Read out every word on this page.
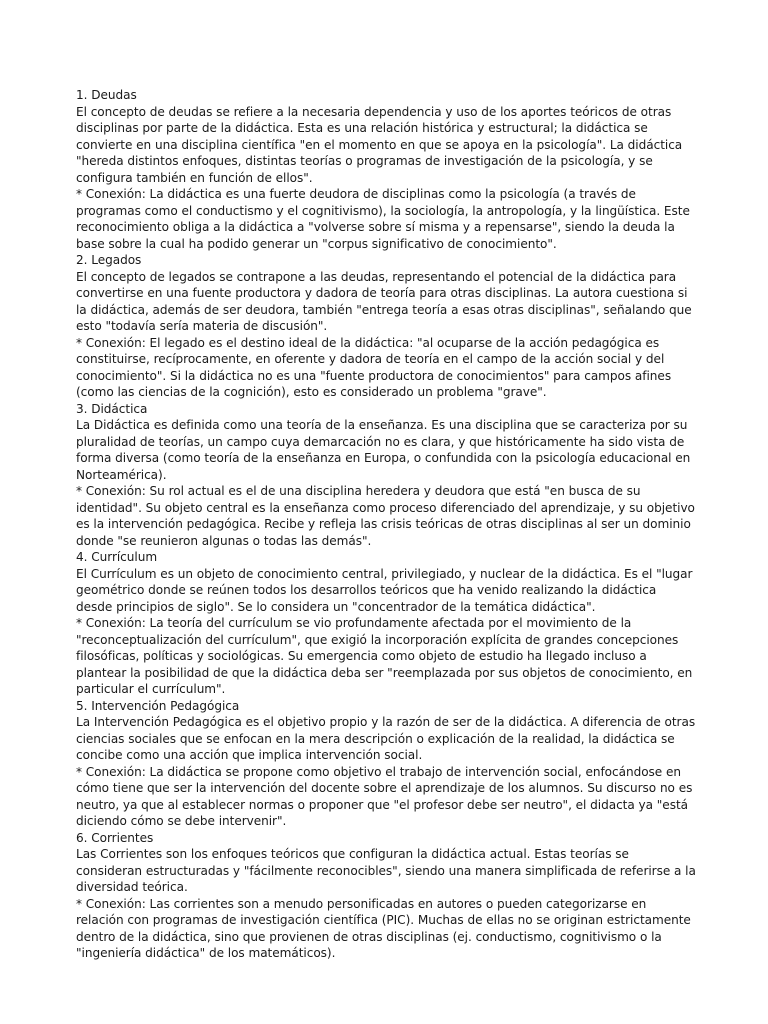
1. Deudas

El concepto de deudas se refiere a la necesaria dependencia y uso de los aportes teóricos de otras disciplinas por parte de la didáctica. Esta es una relación histórica y estructural; la didáctica se convierte en una disciplina científica "en el momento en que se apoya en la psicología". La didáctica "hereda distintos enfoques, distintas teorías o programas de investigación de la psicología, y se configura también en función de ellos".

* Conexión: La didáctica es una fuerte deudora de disciplinas como la psicología (a través de programas como el conductismo y el cognitivismo), la sociología, la antropología, y la lingüística. Este reconocimiento obliga a la didáctica a "volverse sobre sí misma y a repensarse", siendo la deuda la base sobre la cual ha podido generar un "corpus significativo de conocimiento".

2. Legados

El concepto de legados se contrapone a las deudas, representando el potencial de la didáctica para convertirse en una fuente productora y dadora de teoría para otras disciplinas. La autora cuestiona si la didáctica, además de ser deudora, también "entrega teoría a esas otras disciplinas", señalando que esto "todavía sería materia de discusión".

* Conexión: El legado es el destino ideal de la didáctica: "al ocuparse de la acción pedagógica es constituirse, recíprocamente, en oferente y dadora de teoría en el campo de la acción social y del conocimiento". Si la didáctica no es una "fuente productora de conocimientos" para campos afines (como las ciencias de la cognición), esto es considerado un problema "grave".

3. Didáctica

La Didáctica es definida como una teoría de la enseñanza. Es una disciplina que se caracteriza por su pluralidad de teorías, un campo cuya demarcación no es clara, y que históricamente ha sido vista de forma diversa (como teoría de la enseñanza en Europa, o confundida con la psicología educacional en Norteamérica).

* Conexión: Su rol actual es el de una disciplina heredera y deudora que está "en busca de su identidad". Su objeto central es la enseñanza como proceso diferenciado del aprendizaje, y su objetivo es la intervención pedagógica. Recibe y refleja las crisis teóricas de otras disciplinas al ser un dominio donde "se reunieron algunas o todas las demás".

4. Currículum

El Currículum es un objeto de conocimiento central, privilegiado, y nuclear de la didáctica. Es el "lugar geométrico donde se reúnen todos los desarrollos teóricos que ha venido realizando la didáctica desde principios de siglo". Se lo considera un "concentrador de la temática didáctica".

* Conexión: La teoría del currículum se vio profundamente afectada por el movimiento de la "reconceptualización del currículum", que exigió la incorporación explícita de grandes concepciones filosóficas, políticas y sociológicas. Su emergencia como objeto de estudio ha llegado incluso a plantear la posibilidad de que la didáctica deba ser "reemplazada por sus objetos de conocimiento, en particular el currículum".

5. Intervención Pedagógica

La Intervención Pedagógica es el objetivo propio y la razón de ser de la didáctica. A diferencia de otras ciencias sociales que se enfocan en la mera descripción o explicación de la realidad, la didáctica se concibe como una acción que implica intervención social.

* Conexión: La didáctica se propone como objetivo el trabajo de intervención social, enfocándose en cómo tiene que ser la intervención del docente sobre el aprendizaje de los alumnos. Su discurso no es neutro, ya que al establecer normas o proponer que "el profesor debe ser neutro", el didacta ya "está diciendo cómo se debe intervenir".

6. Corrientes

Las Corrientes son los enfoques teóricos que configuran la didáctica actual. Estas teorías se consideran estructuradas y "fácilmente reconocibles", siendo una manera simplificada de referirse a la diversidad teórica.

* Conexión: Las corrientes son a menudo personificadas en autores o pueden categorizarse en relación con programas de investigación científica (PIC). Muchas de ellas no se originan estrictamente dentro de la didáctica, sino que provienen de otras disciplinas (ej. conductismo, cognitivismo o la "ingeniería didáctica" de los matemáticos).
